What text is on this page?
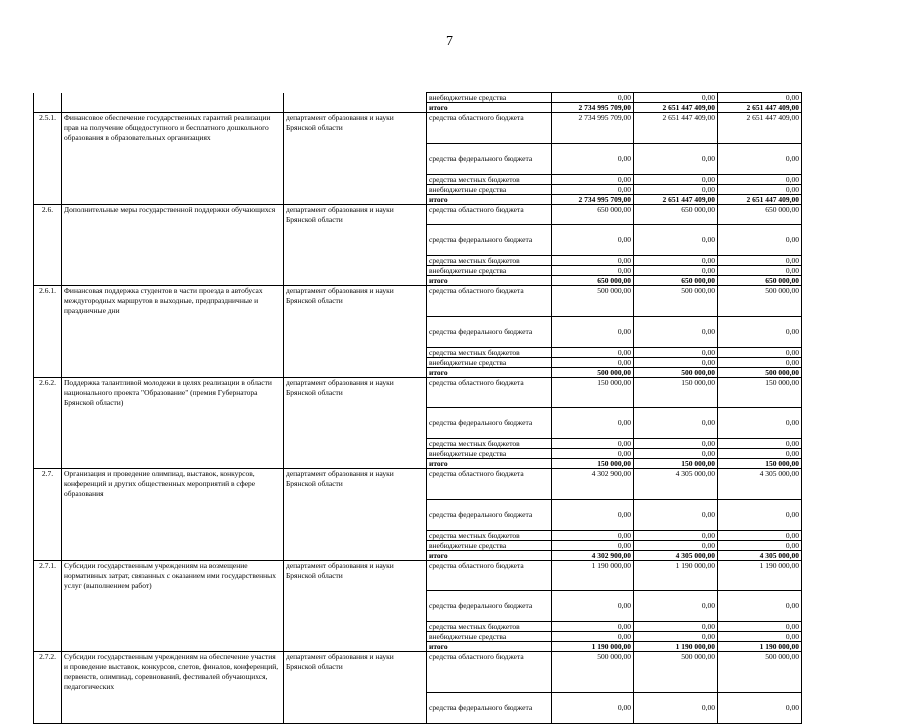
7
			внебюджетные средства	0,00	0,00	0,00
			итого	2 734 995 709,00	2 651 447 409,00	2 651 447 409,00
2.5.1.	Финансовое обеспечение государственных гарантий реализации прав на получение общедоступного и бесплатного дошкольного образования в образовательных организациях	департамент образования и науки Брянской области	средства областного бюджета	2 734 995 709,00	2 651 447 409,00	2 651 447 409,00
			средства федерального бюджета	0,00	0,00	0,00
			средства местных бюджетов	0,00	0,00	0,00
			внебюджетные средства	0,00	0,00	0,00
			итого	2 734 995 709,00	2 651 447 409,00	2 651 447 409,00
2.6.	Дополнительные меры государственной поддержки обучающихся	департамент образования и науки Брянской области	средства областного бюджета	650 000,00	650 000,00	650 000,00
			средства федерального бюджета	0,00	0,00	0,00
			средства местных бюджетов	0,00	0,00	0,00
			внебюджетные средства	0,00	0,00	0,00
			итого	650 000,00	650 000,00	650 000,00
2.6.1.	Финансовая поддержка студентов в части проезда в автобусах междугородных маршрутов в выходные, предпраздничные и праздничные дни	департамент образования и науки Брянской области	средства областного бюджета	500 000,00	500 000,00	500 000,00
			средства федерального бюджета	0,00	0,00	0,00
			средства местных бюджетов	0,00	0,00	0,00
			внебюджетные средства	0,00	0,00	0,00
			итого	500 000,00	500 000,00	500 000,00
2.6.2.	Поддержка талантливой молодежи в целях реализации в области национального проекта "Образование" (премия Губернатора Брянской области)	департамент образования и науки Брянской области	средства областного бюджета	150 000,00	150 000,00	150 000,00
			средства федерального бюджета	0,00	0,00	0,00
			средства местных бюджетов	0,00	0,00	0,00
			внебюджетные средства	0,00	0,00	0,00
			итого	150 000,00	150 000,00	150 000,00
2.7.	Организация и проведение олимпиад, выставок, конкурсов, конференций и других общественных мероприятий в сфере образования	департамент образования и науки Брянской области	средства областного бюджета	4 302 900,00	4 305 000,00	4 305 000,00
			средства федерального бюджета	0,00	0,00	0,00
			средства местных бюджетов	0,00	0,00	0,00
			внебюджетные средства	0,00	0,00	0,00
			итого	4 302 900,00	4 305 000,00	4 305 000,00
2.7.1.	Субсидии государственным учреждениям на возмещение нормативных затрат, связанных с оказанием ими государственных услуг (выполнением работ)	департамент образования и науки Брянской области	средства областного бюджета	1 190 000,00	1 190 000,00	1 190 000,00
			средства федерального бюджета	0,00	0,00	0,00
			средства местных бюджетов	0,00	0,00	0,00
			внебюджетные средства	0,00	0,00	0,00
			итого	1 190 000,00	1 190 000,00	1 190 000,00
2.7.2.	Субсидии государственным учреждениям на обеспечение участия и проведение выставок, конкурсов, слетов, финалов, конференций, первенств, олимпиад, соревнований, фестивалей обучающихся, педагогических	департамент образования и науки Брянской области	средства областного бюджета	500 000,00	500 000,00	500 000,00
			средства федерального бюджета	0,00	0,00	0,00
